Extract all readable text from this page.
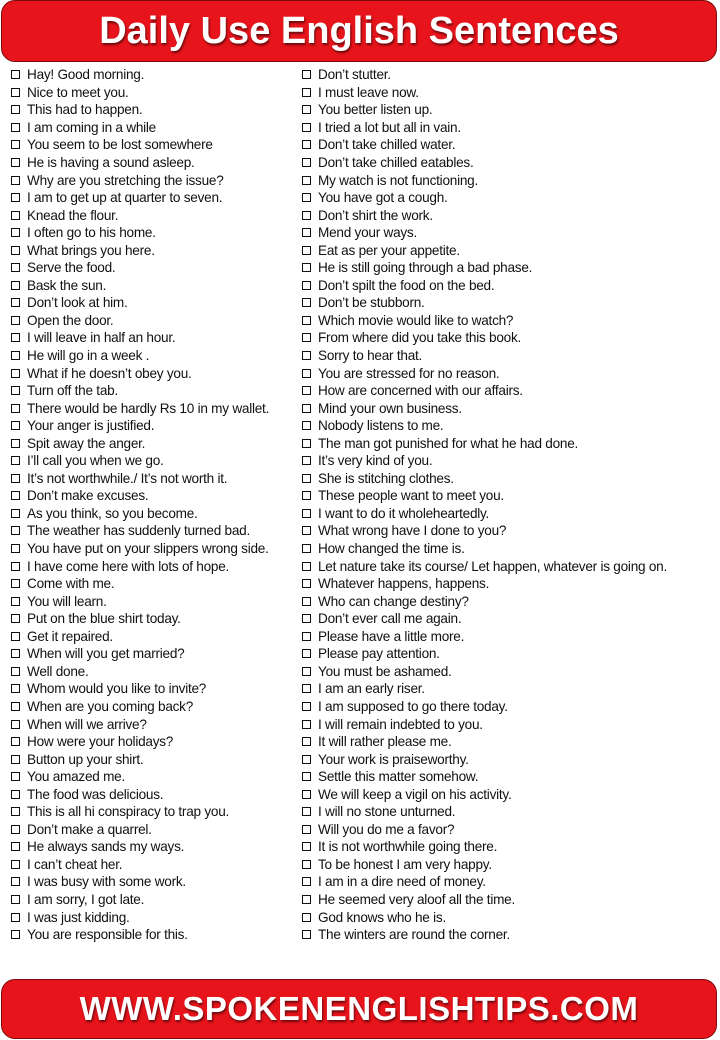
Daily Use English Sentences
Hay! Good morning.
Nice to meet you.
This had to happen.
I am coming in a while
You seem to be lost somewhere
He is having a sound asleep.
Why are you stretching the issue?
I am to get up at quarter to seven.
Knead the flour.
I often go to his home.
What brings you here.
Serve the food.
Bask the sun.
Don’t look at him.
Open the door.
I will leave in half an hour.
He will go in a week .
What if he doesn’t obey you.
Turn off the tab.
There would be hardly Rs 10 in my wallet.
Your anger is justified.
Spit away the anger.
I’ll call you when we go.
It’s not worthwhile./ It’s not worth it.
Don’t make excuses.
As you think, so you become.
The weather has suddenly turned bad.
You have put on your slippers wrong side.
I have come here with lots of hope.
Come with me.
You will learn.
Put on the blue shirt today.
Get it repaired.
When will you get married?
Well done.
Whom would you like to invite?
When are you coming back?
When will we arrive?
How were your holidays?
Button up your shirt.
You amazed me.
The food was delicious.
This is all hi conspiracy to trap you.
Don’t make a quarrel.
He always sands my ways.
I can’t cheat her.
I was busy with some work.
I am sorry, I got late.
I was just kidding.
You are responsible for this.
Don’t stutter.
I must leave now.
You better listen up.
I tried a lot but all in vain.
Don’t take chilled water.
Don’t take chilled eatables.
My watch is not functioning.
You have got a cough.
Don’t shirt the work.
Mend your ways.
Eat as per your appetite.
He is still going through a bad phase.
Don’t spilt the food on the bed.
Don’t be stubborn.
Which movie would like to watch?
From where did you take this book.
Sorry to hear that.
You are stressed for no reason.
How are concerned with our affairs.
Mind your own business.
Nobody listens to me.
The man got punished for what he had done.
It’s very kind of you.
She is stitching clothes.
These people want to meet you.
I want to do it wholeheartedly.
What wrong have I done to you?
How changed the time is.
Let nature take its course/ Let happen, whatever is going on.
Whatever happens, happens.
Who can change destiny?
Don’t ever call me again.
Please have a little more.
Please pay attention.
You must be ashamed.
I am an early riser.
I am supposed to go there today.
I will remain indebted to you.
It will rather please me.
Your work is praiseworthy.
Settle this matter somehow.
We will keep a vigil on his activity.
I will no stone unturned.
Will you do me a favor?
It is not worthwhile going there.
To be honest I am very happy.
I am in a dire need of money.
He seemed very aloof all the time.
God knows who he is.
The winters are round the corner.
WWW.SPOKENENGLISHTIPS.COM
